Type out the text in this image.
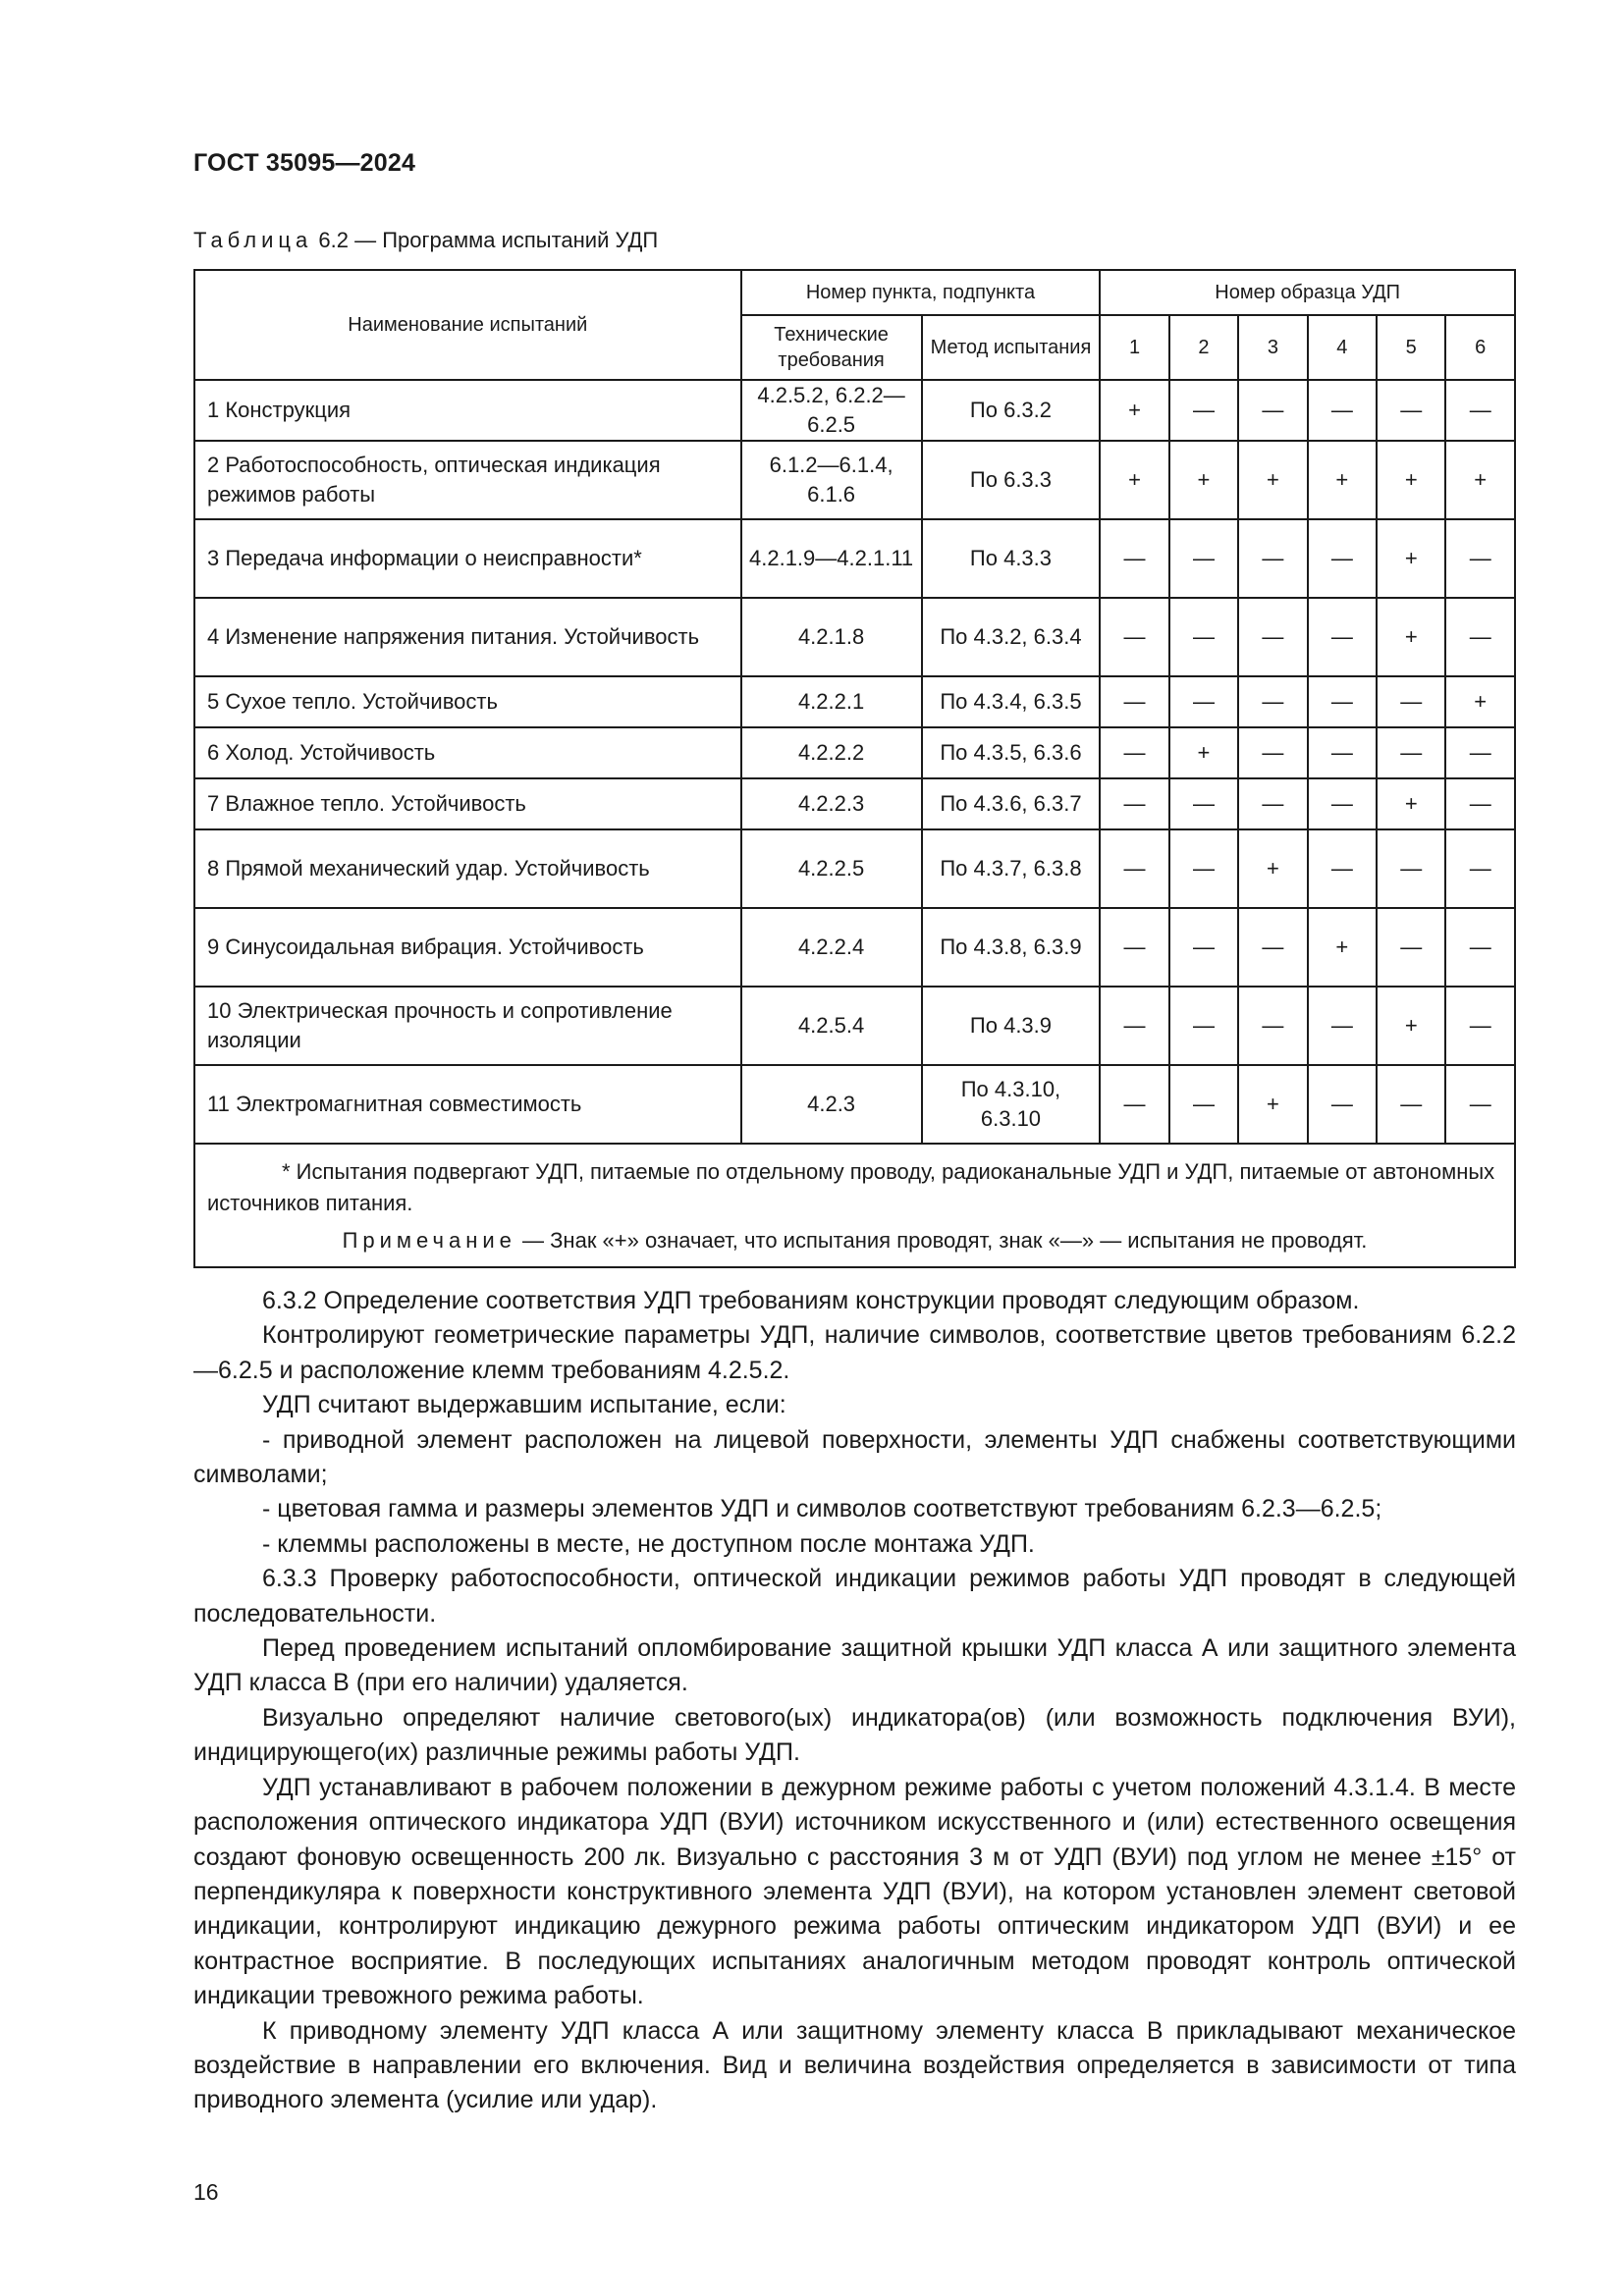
ГОСТ 35095—2024
Таблица 6.2 — Программа испытаний УДП
Наименование испытаний	Номер пункта, подпункта		Номер образца УДП					
	Технические требования	Метод испытания	1	2	3	4	5	6
1 Конструкция	4.2.5.2, 6.2.2—6.2.5	По 6.3.2	+	—	—	—	—	—
2 Работоспособность, оптическая индикация режимов работы	6.1.2—6.1.4, 6.1.6	По 6.3.3	+	+	+	+	+	+
3 Передача информации о неисправности*	4.2.1.9—4.2.1.11	По 4.3.3	—	—	—	—	+	—
4 Изменение напряжения питания. Устойчивость	4.2.1.8	По 4.3.2, 6.3.4	—	—	—	—	+	—
5 Сухое тепло. Устойчивость	4.2.2.1	По 4.3.4, 6.3.5	—	—	—	—	—	+
6 Холод. Устойчивость	4.2.2.2	По 4.3.5, 6.3.6	—	+	—	—	—	—
7 Влажное тепло. Устойчивость	4.2.2.3	По 4.3.6, 6.3.7	—	—	—	—	+	—
8 Прямой механический удар. Устойчивость	4.2.2.5	По 4.3.7, 6.3.8	—	—	+	—	—	—
9 Синусоидальная вибрация. Устойчивость	4.2.2.4	По 4.3.8, 6.3.9	—	—	—	+	—	—
10 Электрическая прочность и сопротивление изоляции	4.2.5.4	По 4.3.9	—	—	—	—	+	—
11 Электромагнитная совместимость	4.2.3	По 4.3.10, 6.3.10	—	—	+	—	—	—

* Испытания подвергают УДП, питаемые по отдельному проводу, радиоканальные УДП и УДП, питаемые от автономных источников питания.
Примечание — Знак «+» означает, что испытания проводят, знак «—» — испытания не проводят.								

6.3.2 Определение соответствия УДП требованиям конструкции проводят следующим образом.

Контролируют геометрические параметры УДП, наличие символов, соответствие цветов требованиям 6.2.2—6.2.5 и расположение клемм требованиям 4.2.5.2.

УДП считают выдержавшим испытание, если:

- приводной элемент расположен на лицевой поверхности, элементы УДП снабжены соответствующими символами;

- цветовая гамма и размеры элементов УДП и символов соответствуют требованиям 6.2.3—6.2.5;

- клеммы расположены в месте, не доступном после монтажа УДП.

6.3.3 Проверку работоспособности, оптической индикации режимов работы УДП проводят в следующей последовательности.

Перед проведением испытаний опломбирование защитной крышки УДП класса А или защитного элемента УДП класса В (при его наличии) удаляется.

Визуально определяют наличие светового(ых) индикатора(ов) (или возможность подключения ВУИ), индицирующего(их) различные режимы работы УДП.

УДП устанавливают в рабочем положении в дежурном режиме работы с учетом положений 4.3.1.4. В месте расположения оптического индикатора УДП (ВУИ) источником искусственного и (или) естественного освещения создают фоновую освещенность 200 лк. Визуально с расстояния 3 м от УДП (ВУИ) под углом не менее ±15° от перпендикуляра к поверхности конструктивного элемента УДП (ВУИ), на котором установлен элемент световой индикации, контролируют индикацию дежурного режима работы оптическим индикатором УДП (ВУИ) и ее контрастное восприятие. В последующих испытаниях аналогичным методом проводят контроль оптической индикации тревожного режима работы.

К приводному элементу УДП класса А или защитному элементу класса В прикладывают механическое воздействие в направлении его включения. Вид и величина воздействия определяется в зависимости от типа приводного элемента (усилие или удар).

16
